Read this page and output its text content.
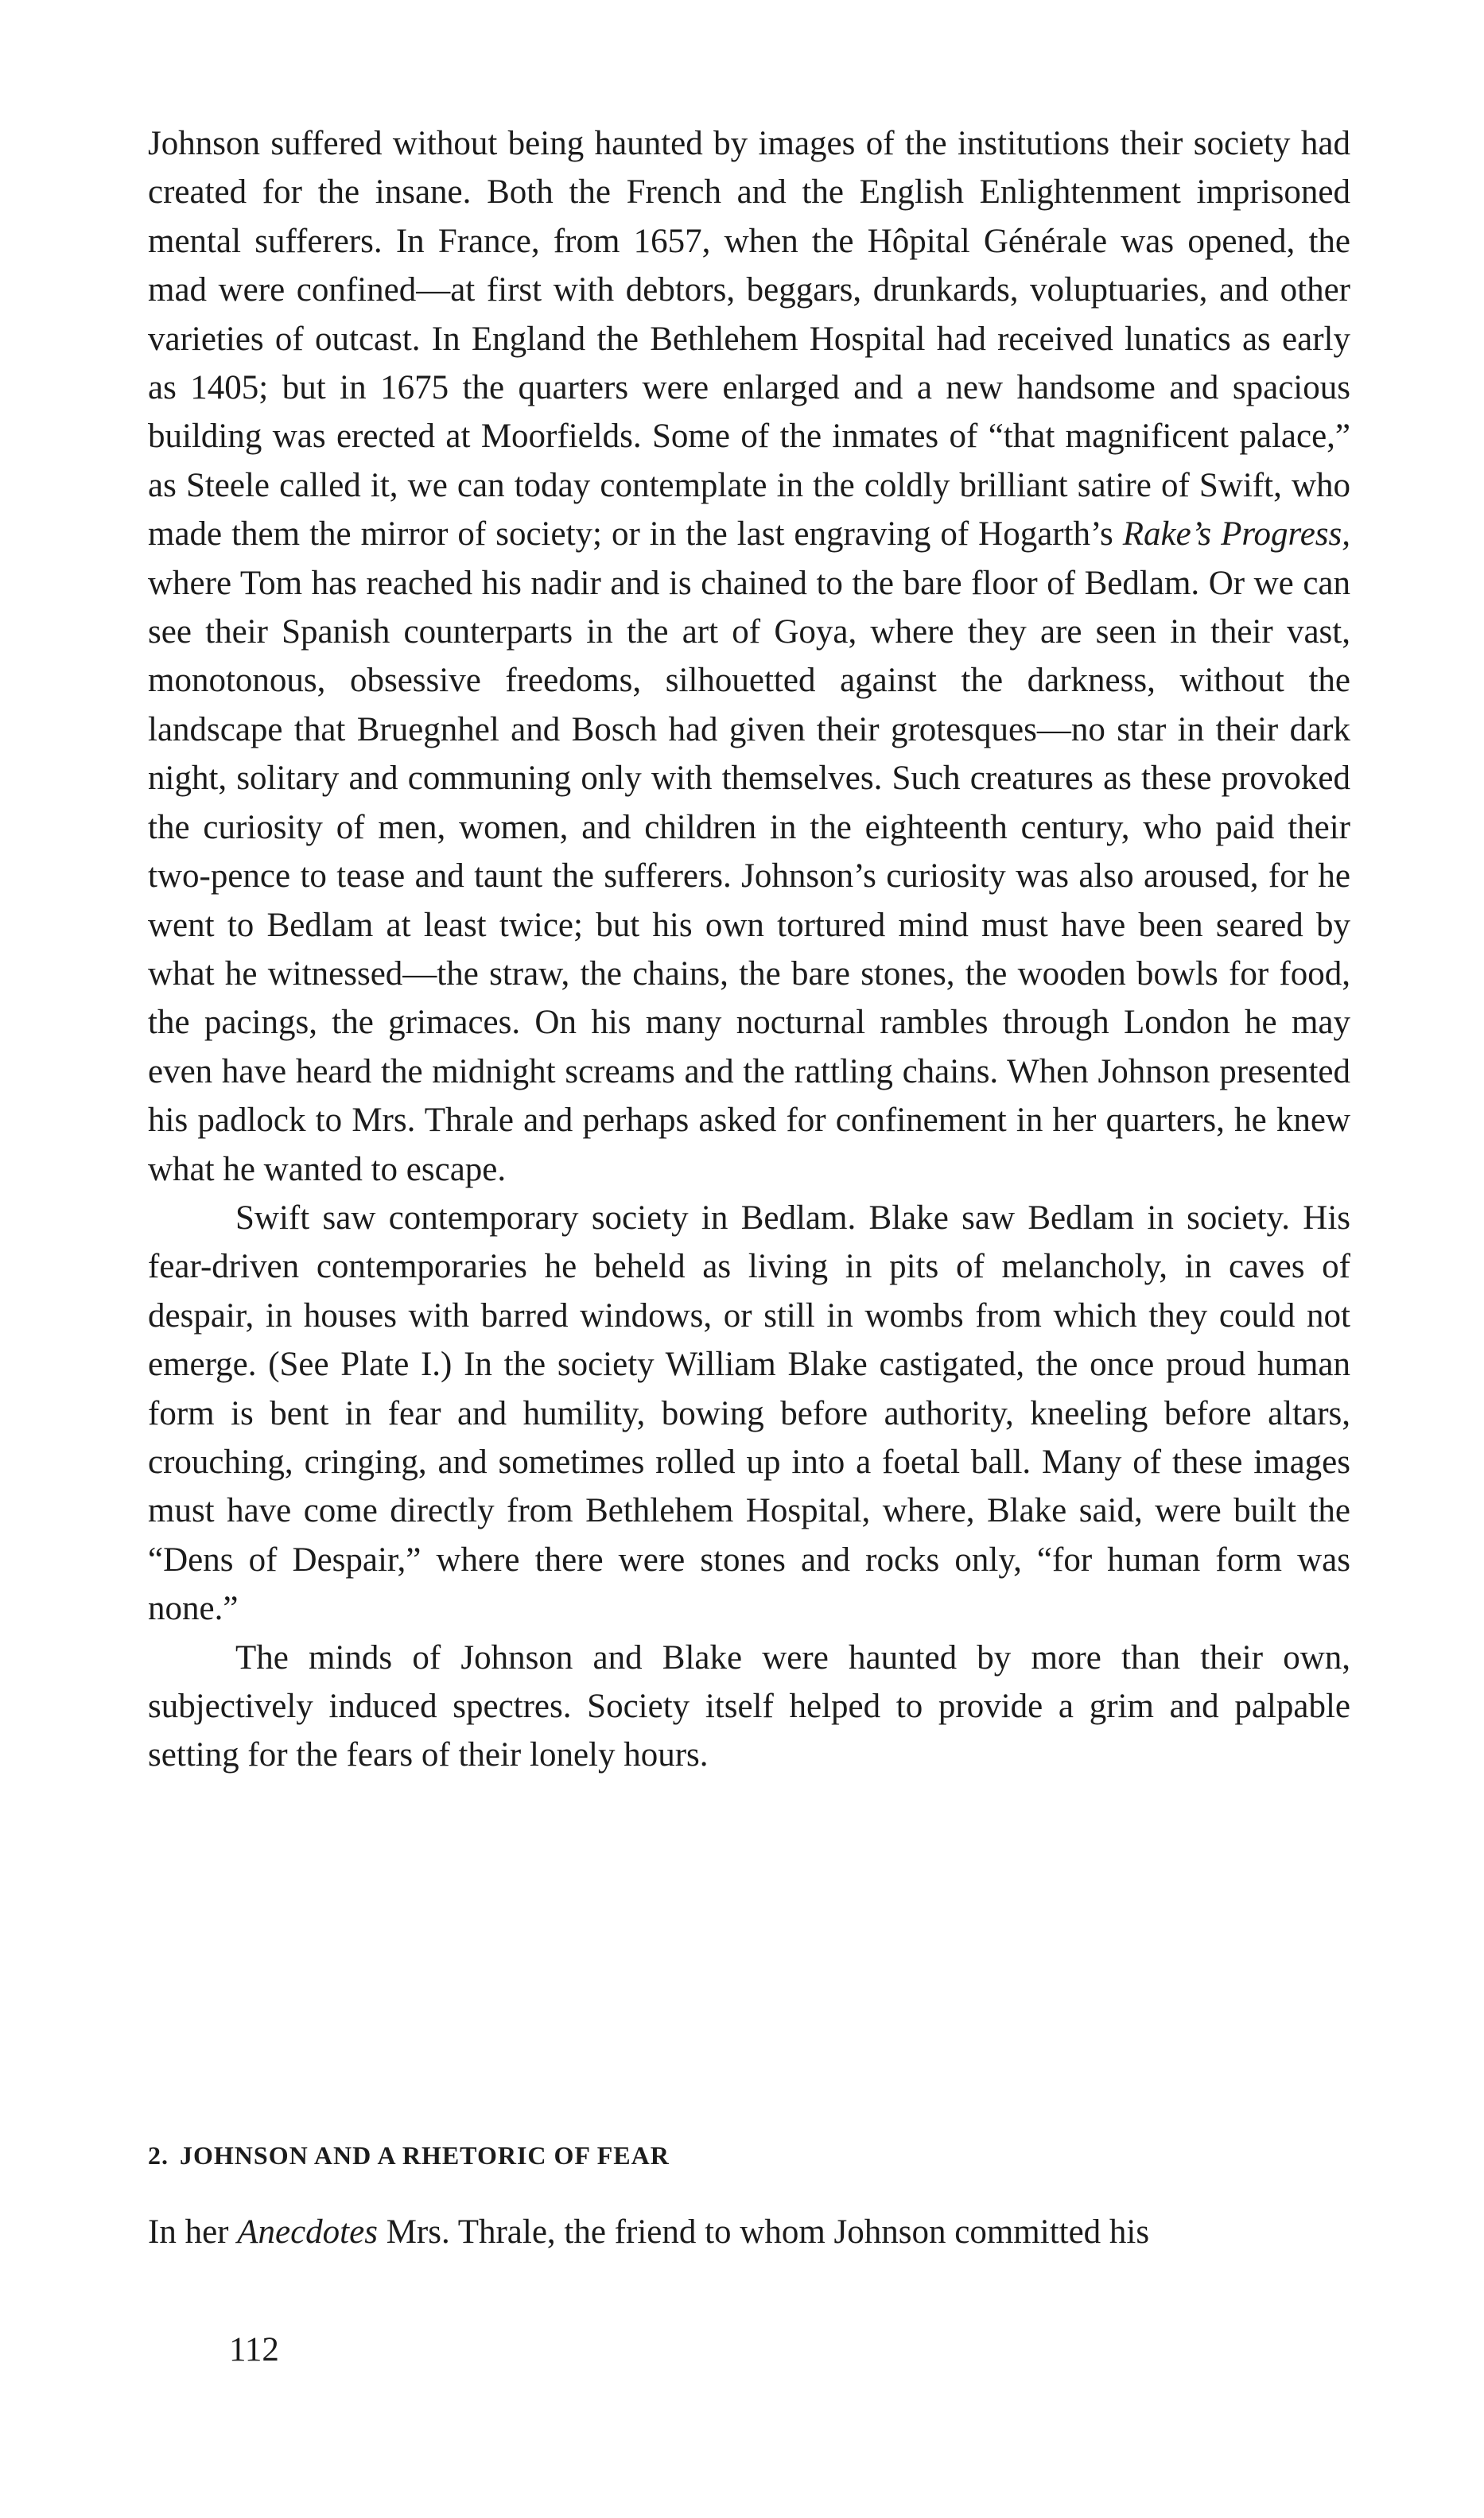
Johnson suffered without being haunted by images of the institutions their society had created for the insane. Both the French and the English Enlightenment imprisoned mental sufferers. In France, from 1657, when the Hôpital Générale was opened, the mad were confined—at first with debtors, beggars, drunkards, voluptuaries, and other varieties of outcast. In England the Bethlehem Hospital had received lunatics as early as 1405; but in 1675 the quarters were enlarged and a new handsome and spacious building was erected at Moorfields. Some of the inmates of “that magnificent palace,” as Steele called it, we can today contemplate in the coldly brilliant satire of Swift, who made them the mirror of society; or in the last engraving of Hogarth’s Rake’s Progress, where Tom has reached his nadir and is chained to the bare floor of Bedlam. Or we can see their Spanish counterparts in the art of Goya, where they are seen in their vast, monotonous, obsessive freedoms, silhouetted against the darkness, without the landscape that Bruegnhel and Bosch had given their grotesques—no star in their dark night, solitary and communing only with themselves. Such creatures as these provoked the curiosity of men, women, and children in the eighteenth century, who paid their two-pence to tease and taunt the sufferers. Johnson’s curiosity was also aroused, for he went to Bedlam at least twice; but his own tortured mind must have been seared by what he witnessed—the straw, the chains, the bare stones, the wooden bowls for food, the pacings, the grimaces. On his many nocturnal rambles through London he may even have heard the midnight screams and the rattling chains. When Johnson presented his padlock to Mrs. Thrale and perhaps asked for confinement in her quarters, he knew what he wanted to escape.

Swift saw contemporary society in Bedlam. Blake saw Bedlam in society. His fear-driven contemporaries he beheld as living in pits of melancholy, in caves of despair, in houses with barred windows, or still in wombs from which they could not emerge. (See Plate I.) In the society William Blake castigated, the once proud human form is bent in fear and humility, bowing before authority, kneeling before altars, crouching, cringing, and sometimes rolled up into a foetal ball. Many of these images must have come directly from Bethlehem Hospital, where, Blake said, were built the “Dens of Despair,” where there were stones and rocks only, “for human form was none.”

The minds of Johnson and Blake were haunted by more than their own, subjectively induced spectres. Society itself helped to provide a grim and palpable setting for the fears of their lonely hours.

2. JOHNSON AND A RHETORIC OF FEAR

In her Anecdotes Mrs. Thrale, the friend to whom Johnson committed his

112
